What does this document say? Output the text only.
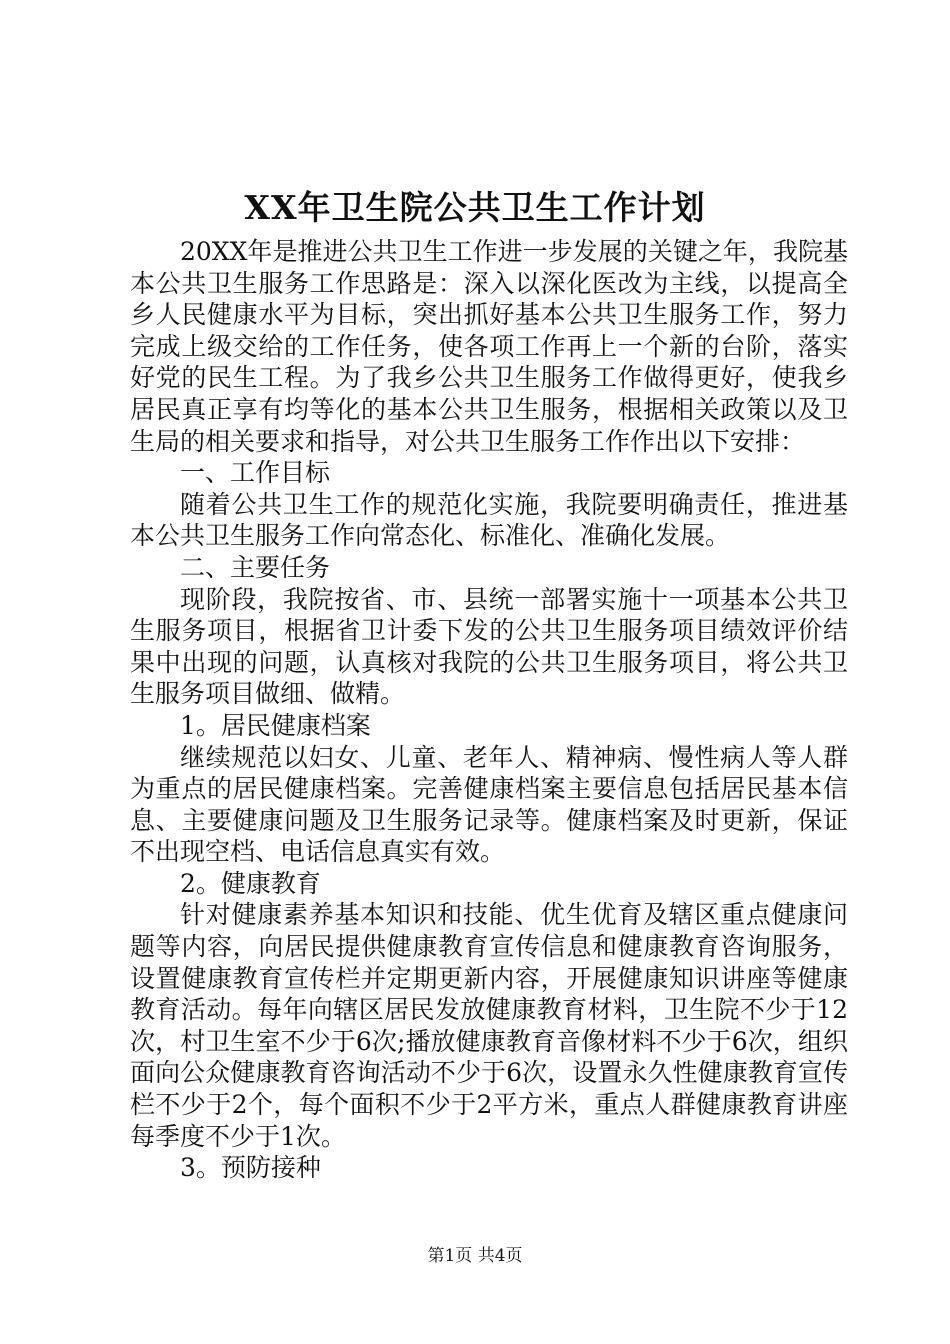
XX年卫生院公共卫生工作计划

20XX年是推进公共卫生工作进一步发展的关键之年，我院基本公共卫生服务工作思路是：深入以深化医改为主线，以提高全乡人民健康水平为目标，突出抓好基本公共卫生服务工作，努力完成上级交给的工作任务，使各项工作再上一个新的台阶，落实好党的民生工程。为了我乡公共卫生服务工作做得更好，使我乡居民真正享有均等化的基本公共卫生服务，根据相关政策以及卫生局的相关要求和指导，对公共卫生服务工作作出以下安排：

一、工作目标

随着公共卫生工作的规范化实施，我院要明确责任，推进基本公共卫生服务工作向常态化、标准化、准确化发展。

二、主要任务

现阶段，我院按省、市、县统一部署实施十一项基本公共卫生服务项目，根据省卫计委下发的公共卫生服务项目绩效评价结果中出现的问题，认真核对我院的公共卫生服务项目，将公共卫生服务项目做细、做精。

1。居民健康档案

继续规范以妇女、儿童、老年人、精神病、慢性病人等人群为重点的居民健康档案。完善健康档案主要信息包括居民基本信息、主要健康问题及卫生服务记录等。健康档案及时更新，保证不出现空档、电话信息真实有效。

2。健康教育

针对健康素养基本知识和技能、优生优育及辖区重点健康问题等内容，向居民提供健康教育宣传信息和健康教育咨询服务，设置健康教育宣传栏并定期更新内容，开展健康知识讲座等健康教育活动。每年向辖区居民发放健康教育材料，卫生院不少于12次，村卫生室不少于6次;播放健康教育音像材料不少于6次，组织面向公众健康教育咨询活动不少于6次，设置永久性健康教育宣传栏不少于2个，每个面积不少于2平方米，重点人群健康教育讲座每季度不少于1次。

3。预防接种

第1页 共4页
